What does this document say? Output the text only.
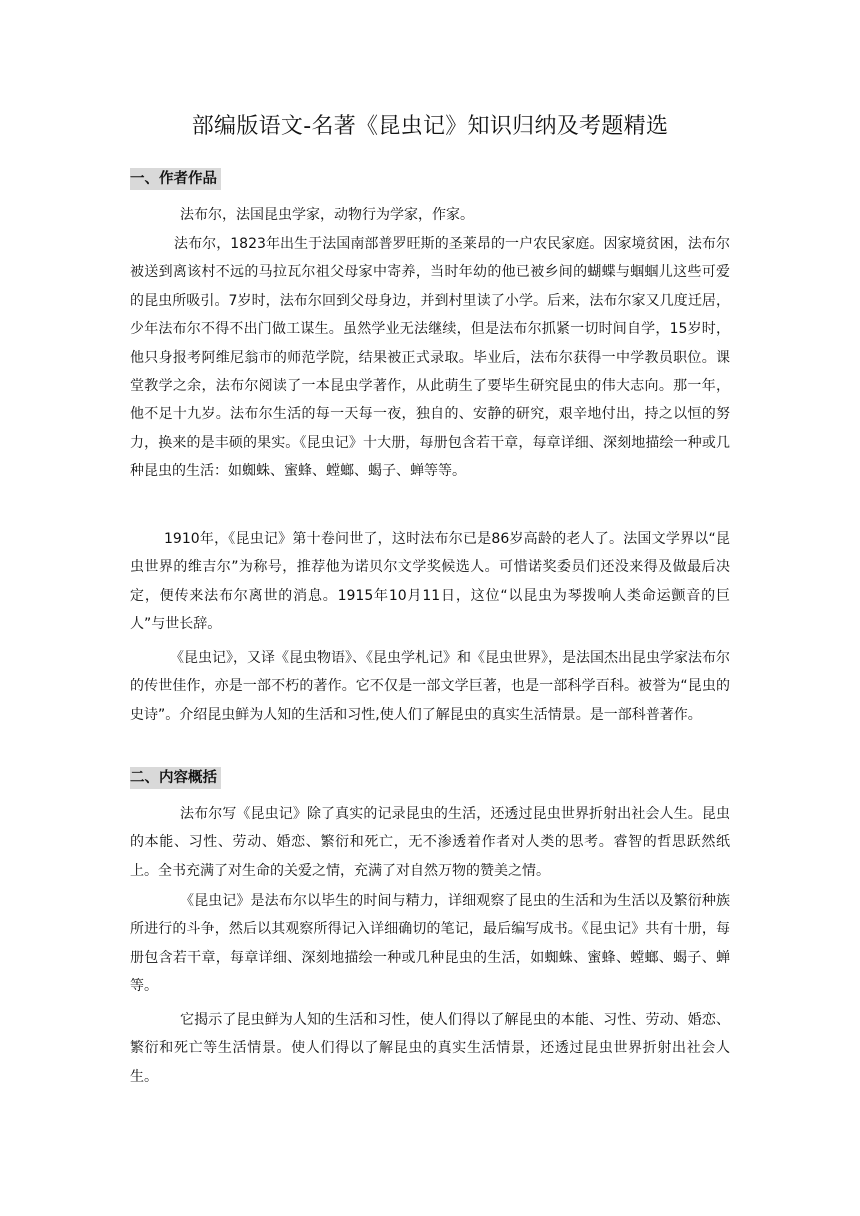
部编版语文-名著《昆虫记》知识归纳及考题精选
一、作者作品

法布尔，法国昆虫学家，动物行为学家，作家。

法布尔，1823年出生于法国南部普罗旺斯的圣莱昂的一户农民家庭。因家境贫困，法布尔被送到离该村不远的马拉瓦尔祖父母家中寄养，当时年幼的他已被乡间的蝴蝶与蝈蝈儿这些可爱的昆虫所吸引。7岁时，法布尔回到父母身边，并到村里读了小学。后来，法布尔家又几度迁居，少年法布尔不得不出门做工谋生。虽然学业无法继续，但是法布尔抓紧一切时间自学，15岁时，他只身报考阿维尼翁市的师范学院，结果被正式录取。毕业后，法布尔获得一中学教员职位。课堂教学之余，法布尔阅读了一本昆虫学著作，从此萌生了要毕生研究昆虫的伟大志向。那一年，他不足十九岁。法布尔生活的每一天每一夜，独自的、安静的研究，艰辛地付出，持之以恒的努力，换来的是丰硕的果实。《昆虫记》十大册，每册包含若干章，每章详细、深刻地描绘一种或几种昆虫的生活：如蜘蛛、蜜蜂、螳螂、蝎子、蝉等等。

1910年，《昆虫记》第十卷问世了，这时法布尔已是86岁高龄的老人了。法国文学界以“昆虫世界的维吉尔”为称号，推荐他为诺贝尔文学奖候选人。可惜诺奖委员们还没来得及做最后决定，便传来法布尔离世的消息。1915年10月11日，这位“以昆虫为琴拨响人类命运颤音的巨人”与世长辞。

《昆虫记》，又译《昆虫物语》、《昆虫学札记》和《昆虫世界》，是法国杰出昆虫学家法布尔的传世佳作，亦是一部不朽的著作。它不仅是一部文学巨著，也是一部科学百科。被誉为“昆虫的史诗”。介绍昆虫鲜为人知的生活和习性,使人们了解昆虫的真实生活情景。是一部科普著作。

二、内容概括

法布尔写《昆虫记》除了真实的记录昆虫的生活，还透过昆虫世界折射出社会人生。昆虫的本能、习性、劳动、婚恋、繁衍和死亡，无不渗透着作者对人类的思考。睿智的哲思跃然纸上。全书充满了对生命的关爱之情，充满了对自然万物的赞美之情。

《昆虫记》是法布尔以毕生的时间与精力，详细观察了昆虫的生活和为生活以及繁衍种族所进行的斗争，然后以其观察所得记入详细确切的笔记，最后编写成书。《昆虫记》共有十册，每册包含若干章，每章详细、深刻地描绘一种或几种昆虫的生活，如蜘蛛、蜜蜂、螳螂、蝎子、蝉等。

它揭示了昆虫鲜为人知的生活和习性，使人们得以了解昆虫的本能、习性、劳动、婚恋、繁衍和死亡等生活情景。使人们得以了解昆虫的真实生活情景，还透过昆虫世界折射出社会人生。
